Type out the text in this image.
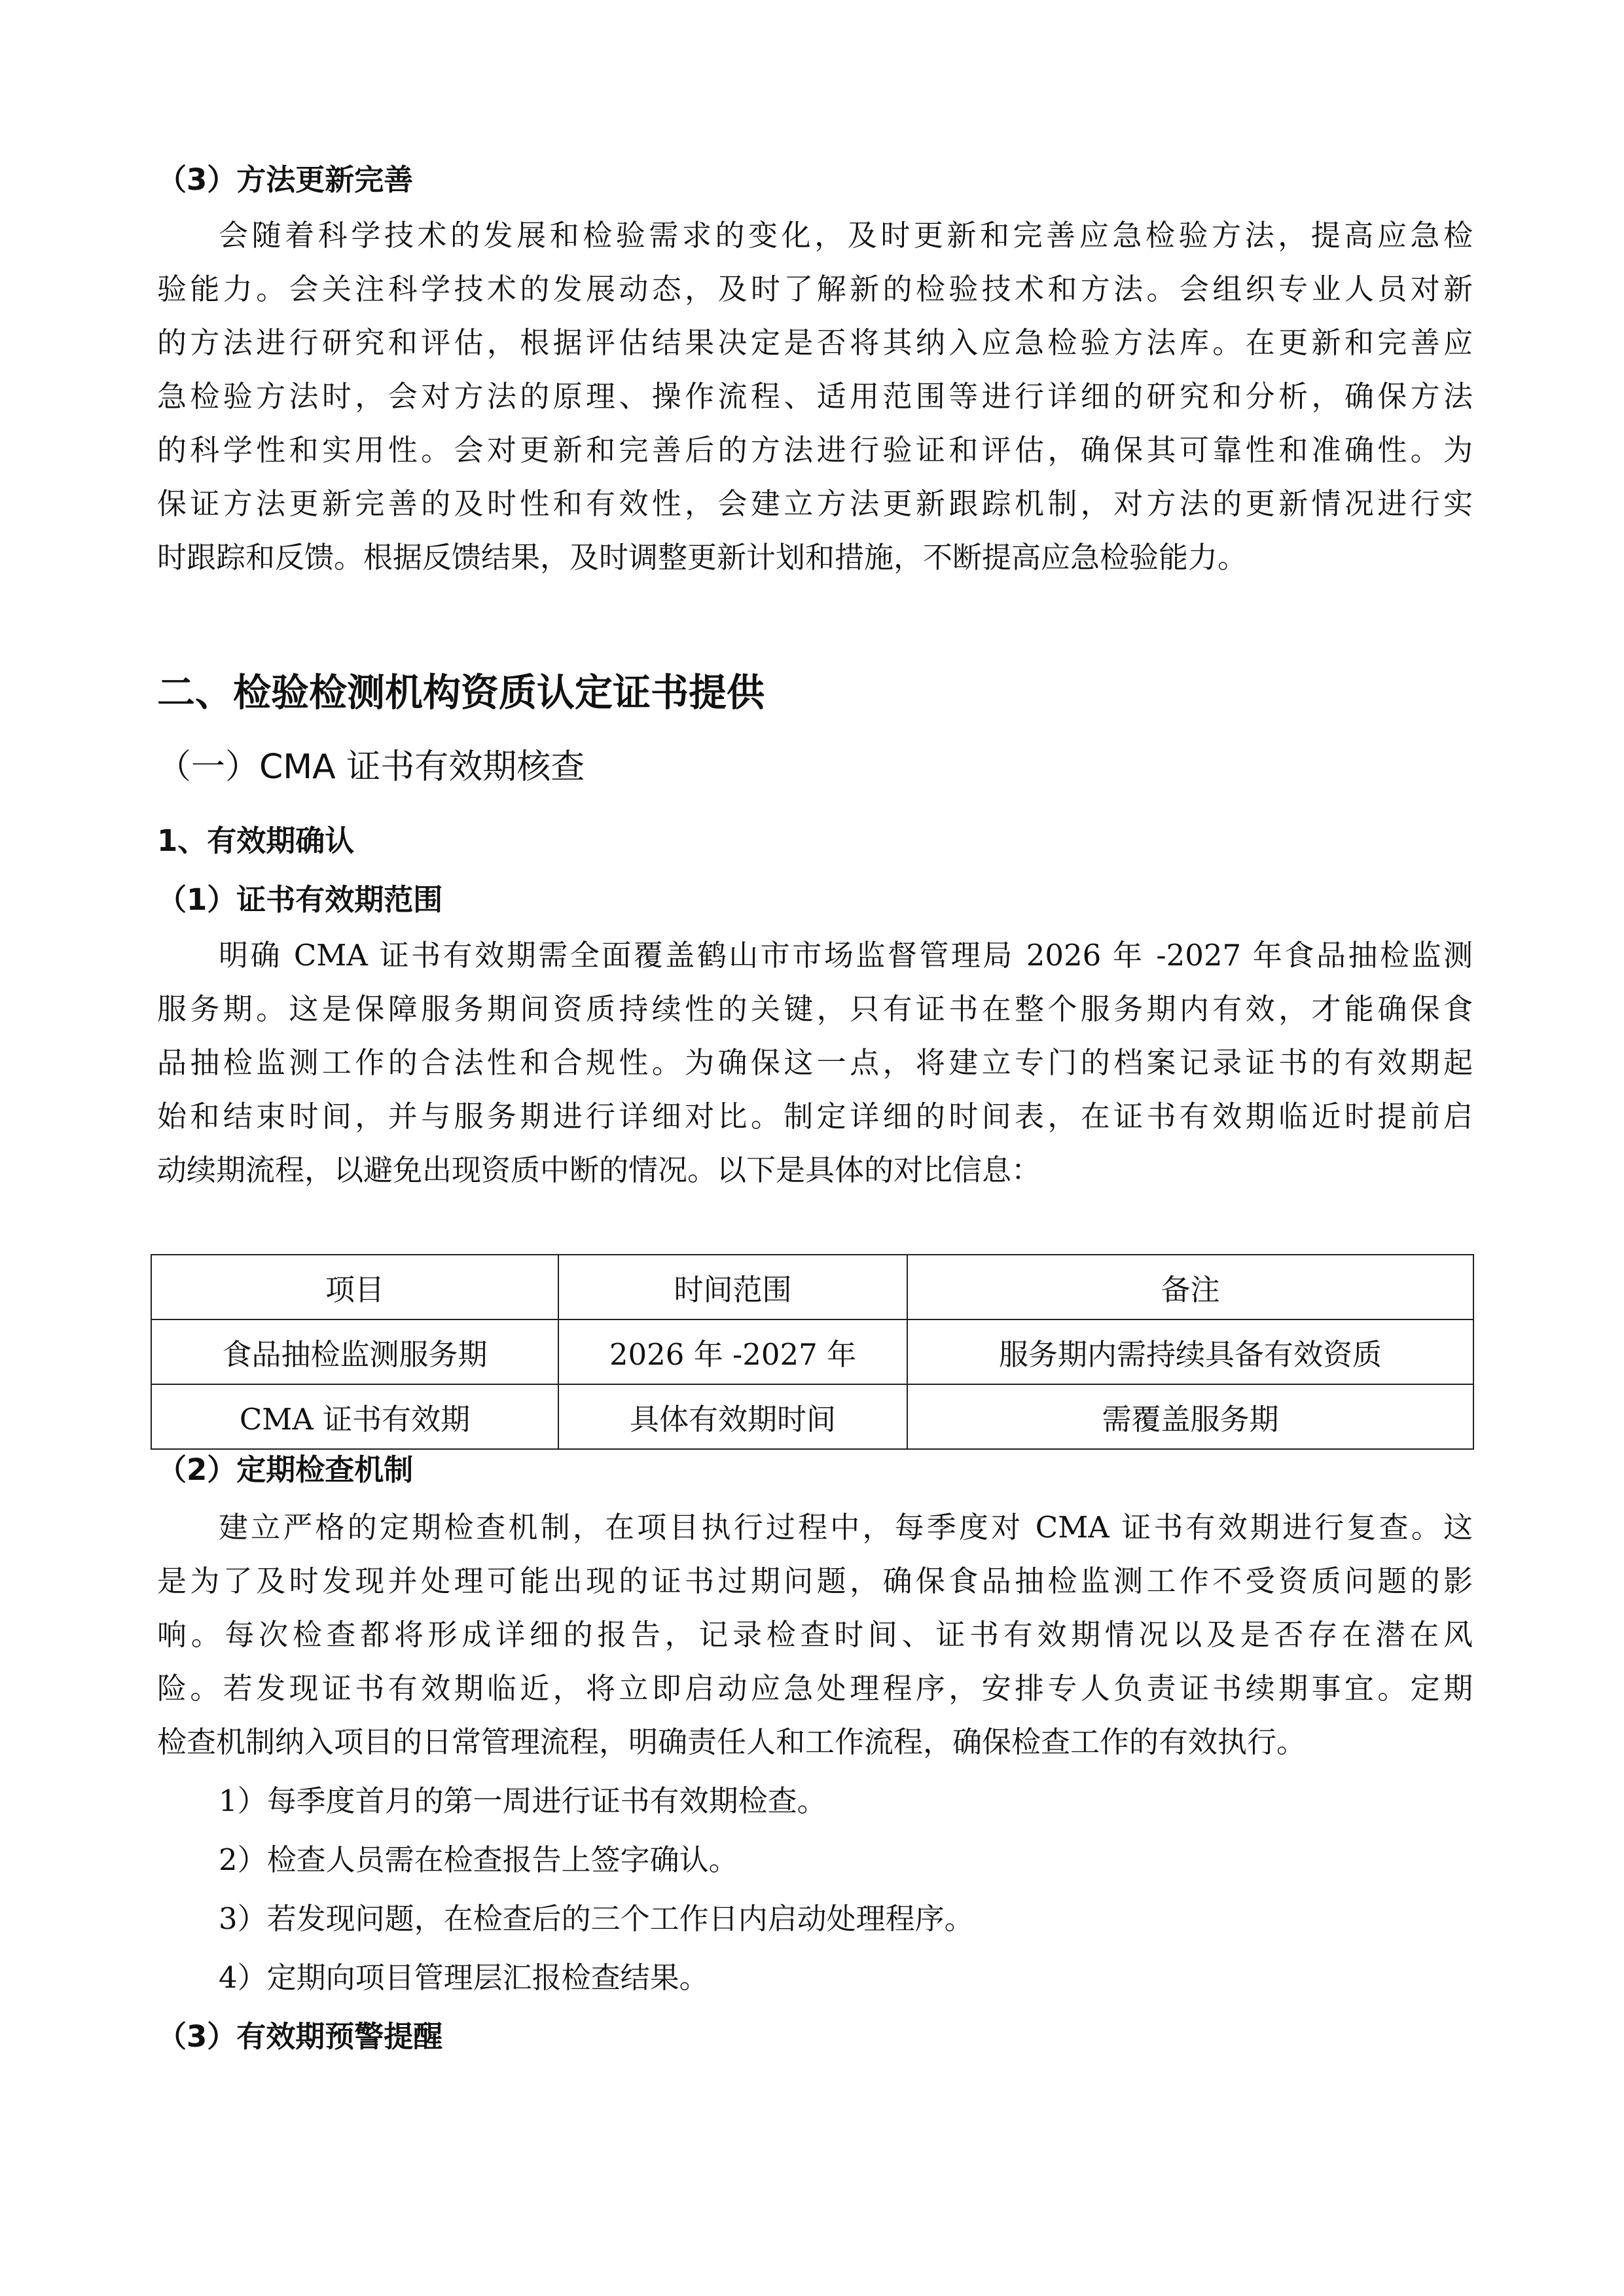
（3）方法更新完善
会随着科学技术的发展和检验需求的变化，及时更新和完善应急检验方法，提高应急检
验能力。会关注科学技术的发展动态，及时了解新的检验技术和方法。会组织专业人员对新
的方法进行研究和评估，根据评估结果决定是否将其纳入应急检验方法库。在更新和完善应
急检验方法时，会对方法的原理、操作流程、适用范围等进行详细的研究和分析，确保方法
的科学性和实用性。会对更新和完善后的方法进行验证和评估，确保其可靠性和准确性。为
保证方法更新完善的及时性和有效性，会建立方法更新跟踪机制，对方法的更新情况进行实
时跟踪和反馈。根据反馈结果，及时调整更新计划和措施，不断提高应急检验能力。
二、检验检测机构资质认定证书提供
（一）CMA 证书有效期核查
1、有效期确认
（1）证书有效期范围
明确 CMA 证书有效期需全面覆盖鹤山市市场监督管理局 2026 年 -2027 年食品抽检监测
服务期。这是保障服务期间资质持续性的关键，只有证书在整个服务期内有效，才能确保食
品抽检监测工作的合法性和合规性。为确保这一点，将建立专门的档案记录证书的有效期起
始和结束时间，并与服务期进行详细对比。制定详细的时间表，在证书有效期临近时提前启
动续期流程，以避免出现资质中断的情况。以下是具体的对比信息：
项目	时间范围	备注
食品抽检监测服务期	2026 年 -2027 年	服务期内需持续具备有效资质
CMA 证书有效期	具体有效期时间	需覆盖服务期
（2）定期检查机制
建立严格的定期检查机制，在项目执行过程中，每季度对 CMA 证书有效期进行复查。这
是为了及时发现并处理可能出现的证书过期问题，确保食品抽检监测工作不受资质问题的影
响。每次检查都将形成详细的报告，记录检查时间、证书有效期情况以及是否存在潜在风
险。若发现证书有效期临近，将立即启动应急处理程序，安排专人负责证书续期事宜。定期
检查机制纳入项目的日常管理流程，明确责任人和工作流程，确保检查工作的有效执行。
1）每季度首月的第一周进行证书有效期检查。
2）检查人员需在检查报告上签字确认。
3）若发现问题，在检查后的三个工作日内启动处理程序。
4）定期向项目管理层汇报检查结果。
（3）有效期预警提醒
